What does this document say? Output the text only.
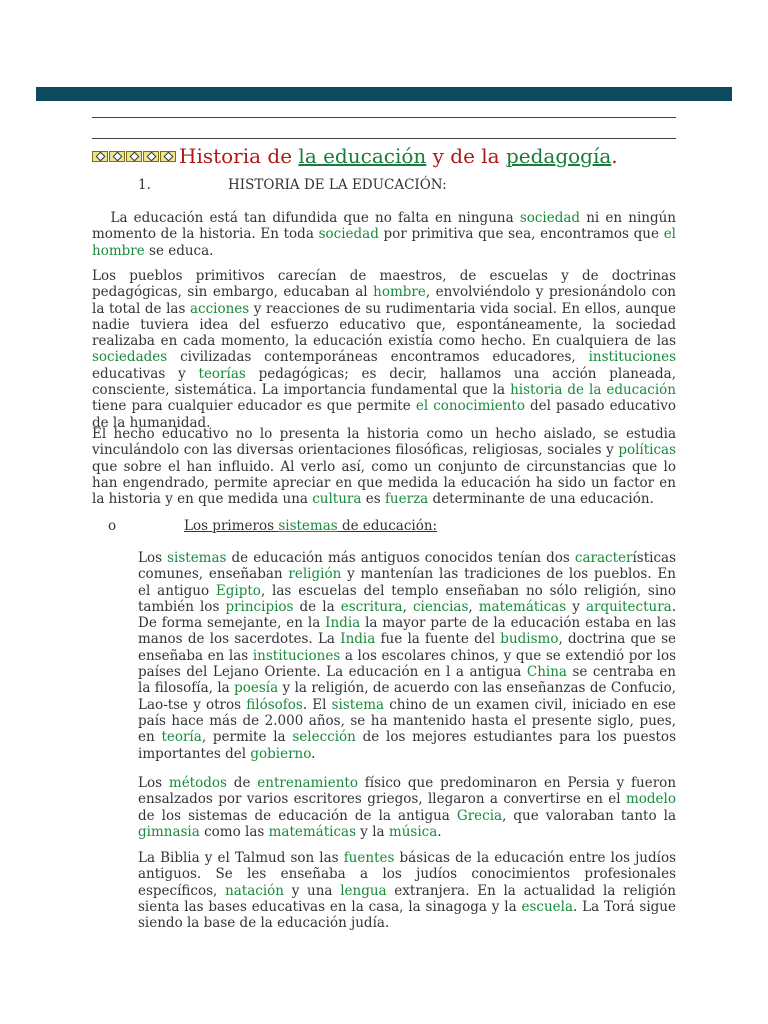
Historia de la educación y de la pedagogía.
1.	HISTORIA DE LA EDUCACIÓN:

La educación está tan difundida que no falta en ninguna sociedad ni en ningún momento de la historia. En toda sociedad por primitiva que sea, encontramos que el hombre se educa.

Los pueblos primitivos carecían de maestros, de escuelas y de doctrinas pedagógicas, sin embargo, educaban al hombre, envolviéndolo y presionándolo con la total de las acciones y reacciones de su rudimentaria vida social. En ellos, aunque nadie tuviera idea del esfuerzo educativo que, espontáneamente, la sociedad realizaba en cada momento, la educación existía como hecho. En cualquiera de las sociedades civilizadas contemporáneas encontramos educadores, instituciones educativas y teorías pedagógicas; es decir, hallamos una acción planeada, consciente, sistemática. La importancia fundamental que la historia de la educación tiene para cualquier educador es que permite el conocimiento del pasado educativo de la humanidad.

El hecho educativo no lo presenta la historia como un hecho aislado, se estudia vinculándolo con las diversas orientaciones filosóficas, religiosas, sociales y políticas que sobre el han influido. Al verlo así, como un conjunto de circunstancias que lo han engendrado, permite apreciar en que medida la educación ha sido un factor en la historia y en que medida una cultura es fuerza determinante de una educación.

o	Los primeros sistemas de educación:

Los sistemas de educación más antiguos conocidos tenían dos características comunes, enseñaban religión y mantenían las tradiciones de los pueblos. En el antiguo Egipto, las escuelas del templo enseñaban no sólo religión, sino también los principios de la escritura, ciencias, matemáticas y arquitectura. De forma semejante, en la India la mayor parte de la educación estaba en las manos de los sacerdotes. La India fue la fuente del budismo, doctrina que se enseñaba en las instituciones a los escolares chinos, y que se extendió por los países del Lejano Oriente. La educación en l a antigua China se centraba en la filosofía, la poesía y la religión, de acuerdo con las enseñanzas de Confucio, Lao-tse y otros filósofos. El sistema chino de un examen civil, iniciado en ese país hace más de 2.000 años, se ha mantenido hasta el presente siglo, pues, en teoría, permite la selección de los mejores estudiantes para los puestos importantes del gobierno.

Los métodos de entrenamiento físico que predominaron en Persia y fueron ensalzados por varios escritores griegos, llegaron a convertirse en el modelo de los sistemas de educación de la antigua Grecia, que valoraban tanto la gimnasia como las matemáticas y la música.

La Biblia y el Talmud son las fuentes básicas de la educación entre los judíos antiguos. Se les enseñaba a los judíos conocimientos profesionales específicos, natación y una lengua extranjera. En la actualidad la religión sienta las bases educativas en la casa, la sinagoga y la escuela. La Torá sigue siendo la base de la educación judía.
